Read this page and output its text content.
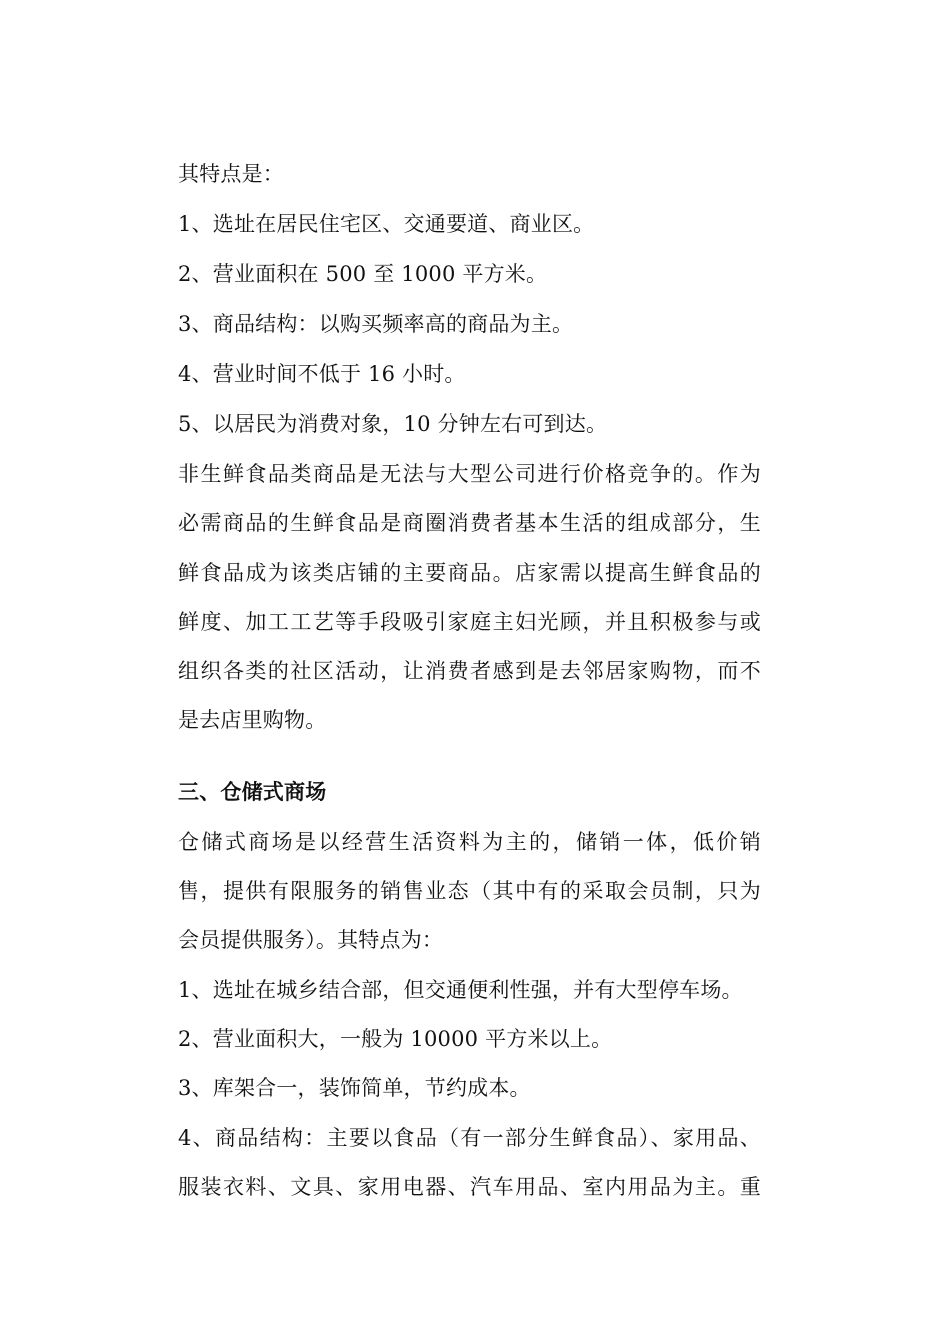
其特点是：
1、选址在居民住宅区、交通要道、商业区。
2、营业面积在 500 至 1000 平方米。
3、商品结构：以购买频率高的商品为主。
4、营业时间不低于 16 小时。
5、以居民为消费对象，10 分钟左右可到达。
非生鲜食品类商品是无法与大型公司进行价格竞争的。作为
必需商品的生鲜食品是商圈消费者基本生活的组成部分，生
鲜食品成为该类店铺的主要商品。店家需以提高生鲜食品的
鲜度、加工工艺等手段吸引家庭主妇光顾，并且积极参与或
组织各类的社区活动，让消费者感到是去邻居家购物，而不
是去店里购物。
三、仓储式商场
仓储式商场是以经营生活资料为主的，储销一体，低价销
售，提供有限服务的销售业态（其中有的采取会员制，只为
会员提供服务）。其特点为：
1、选址在城乡结合部，但交通便利性强，并有大型停车场。
2、营业面积大，一般为 10000 平方米以上。
3、库架合一，装饰简单，节约成本。
4、商品结构：主要以食品（有一部分生鲜食品）、家用品、
服装衣料、文具、家用电器、汽车用品、室内用品为主。重
